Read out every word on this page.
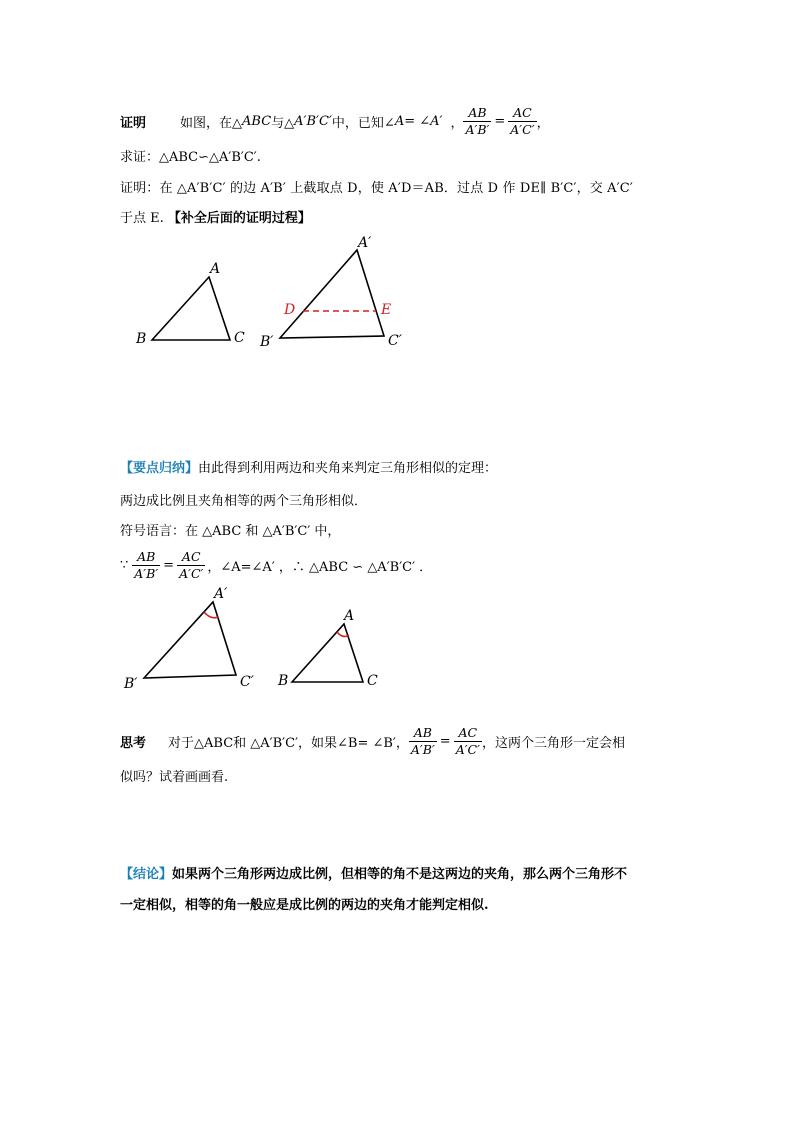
证明	如图，在△ ABC 与△ A′B′C′ 中，已知∠ A = ∠ A′ ， $\frac{AB}{A'B'} = \frac{AC}{A'C'}$ ，
求证：△ABC∽△A′B′C′.
证明：在 △A′B′C′ 的边 A′B′ 上截取点 D，使 A′D＝AB．过点 D 作 DE∥ B′C′，交 A′C′
于点 E. 【补全后面的证明过程】
A
B	C
A′
B′	C′
D	E
【要点归纳】由此得到利用两边和夹角来判定三角形相似的定理：
两边成比例且夹角相等的两个三角形相似．
符号语言：在 △ABC 和 △A′B′C′ 中，
∵ $\frac{AB}{A'B'} = \frac{AC}{A'C'}$ ，∠A=∠A′ ，∴ △ABC ∽ △A′B′C′ ．
A′
B′	C′
A
B	C
思考 对于△ABC和 △A′B′C′，如果∠B= ∠B′， $\frac{AB}{A'B'} = \frac{AC}{A'C'}$ ，这两个三角形一定会相
似吗？试着画画看.
【结论】如果两个三角形两边成比例，但相等的角不是这两边的夹角，那么两个三角形不
一定相似，相等的角一般应是成比例的两边的夹角才能判定相似.
